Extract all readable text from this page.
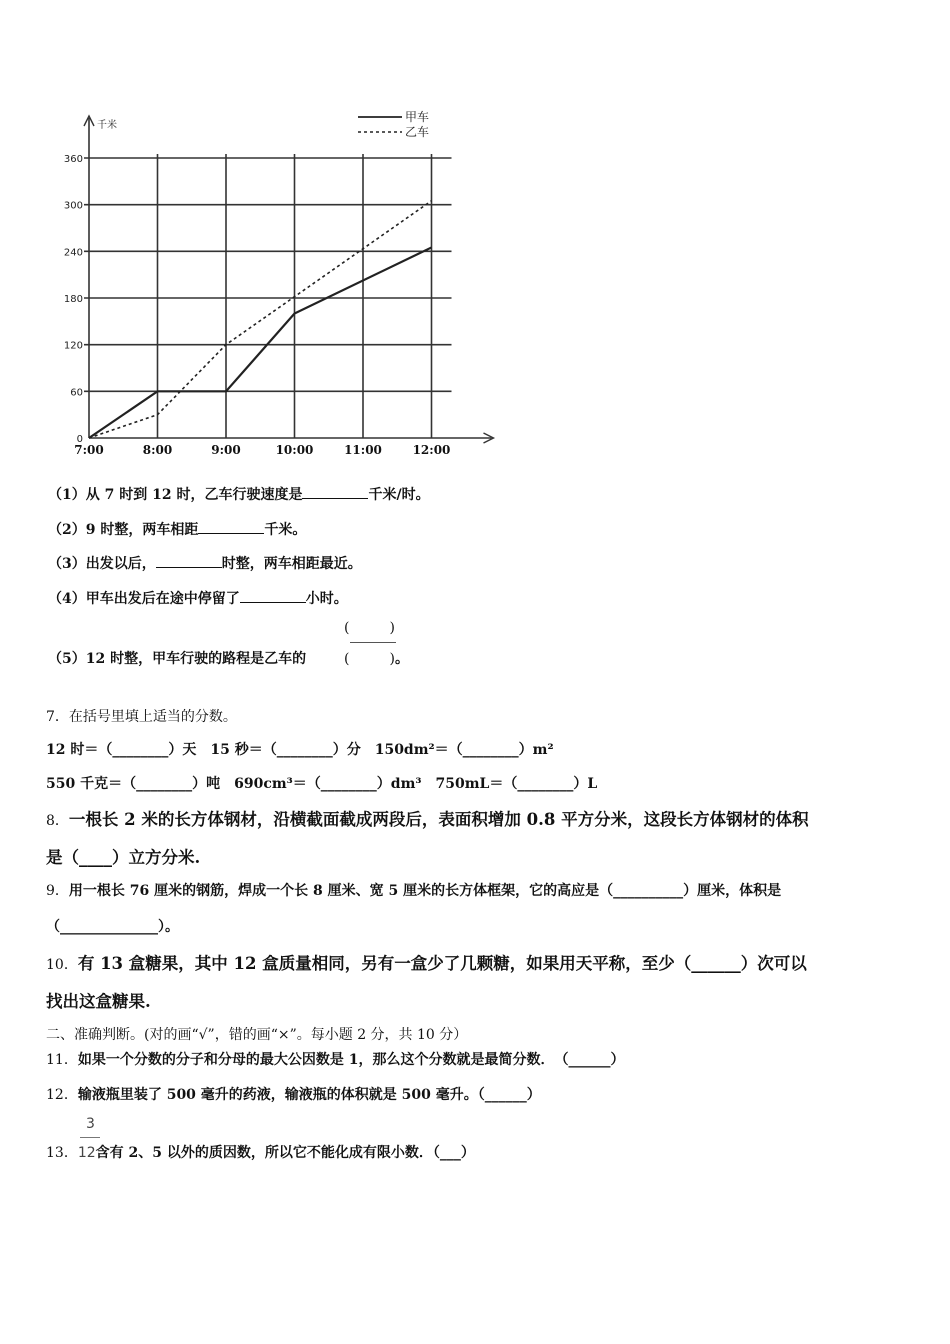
千米
0
60
120
180
240
300
360
7:00	8:00	9:00	10:00	11:00	12:00
甲车
乙车
（1）从 7 时到 12 时，乙车行驶速度是	千米/时。
（2）9 时整，两车相距	千米。
（3）出发以后，	时整，两车相距最近。
（4）甲车出发后在途中停留了	小时。
（5）12 时整，甲车行驶的路程是乙车的
(	)
(	)。
7．在括号里填上适当的分数。
12 时＝（________）天　15 秒＝（________）分　150dm²＝（________）m²
550 千克＝（________）吨　690cm³＝（________）dm³　750mL＝（________）L
8．一根长 2 米的长方体钢材，沿横截面截成两段后，表面积增加 0.8 平方分米，这段长方体钢材的体积
是（____）立方分米.
9．用一根长 76 厘米的钢筋，焊成一个长 8 厘米、宽 5 厘米的长方体框架，它的高应是（__________）厘米，体积是
（______________）。
10．有 13 盒糖果，其中 12 盒质量相同，另有一盒少了几颗糖，如果用天平称，至少（______）次可以
找出这盒糖果.
二、准确判断。(对的画“√”，错的画“×”。每小题 2 分，共 10 分）
11．如果一个分数的分子和分母的最大公因数是 1，那么这个分数就是最简分数．　（______）
12．输液瓶里装了 500 毫升的药液，输液瓶的体积就是 500 毫升。（______）
3
13．12含有 2、5 以外的质因数，所以它不能化成有限小数．（___）
